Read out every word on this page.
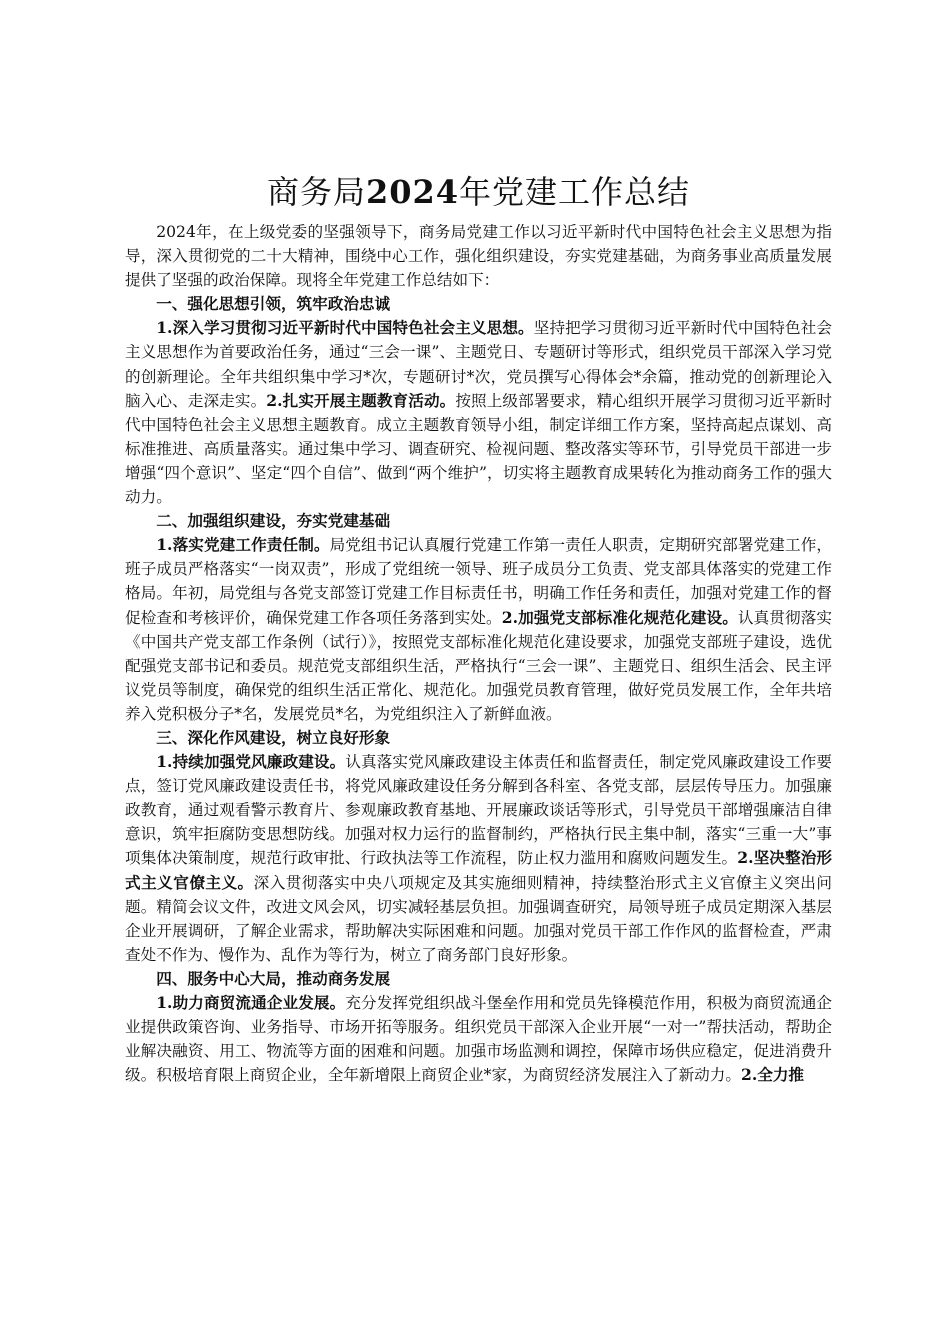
商务局2024年党建工作总结

2024年，在上级党委的坚强领导下，商务局党建工作以习近平新时代中国特色社会主义思想为指导，深入贯彻党的二十大精神，围绕中心工作，强化组织建设，夯实党建基础，为商务事业高质量发展提供了坚强的政治保障。现将全年党建工作总结如下：

一、强化思想引领，筑牢政治忠诚

1.深入学习贯彻习近平新时代中国特色社会主义思想。坚持把学习贯彻习近平新时代中国特色社会主义思想作为首要政治任务，通过“三会一课”、主题党日、专题研讨等形式，组织党员干部深入学习党的创新理论。全年共组织集中学习*次，专题研讨*次，党员撰写心得体会*余篇，推动党的创新理论入脑入心、走深走实。2.扎实开展主题教育活动。按照上级部署要求，精心组织开展学习贯彻习近平新时代中国特色社会主义思想主题教育。成立主题教育领导小组，制定详细工作方案，坚持高起点谋划、高标准推进、高质量落实。通过集中学习、调查研究、检视问题、整改落实等环节，引导党员干部进一步增强“四个意识”、坚定“四个自信”、做到“两个维护”，切实将主题教育成果转化为推动商务工作的强大动力。

二、加强组织建设，夯实党建基础

1.落实党建工作责任制。局党组书记认真履行党建工作第一责任人职责，定期研究部署党建工作，班子成员严格落实“一岗双责”，形成了党组统一领导、班子成员分工负责、党支部具体落实的党建工作格局。年初，局党组与各党支部签订党建工作目标责任书，明确工作任务和责任，加强对党建工作的督促检查和考核评价，确保党建工作各项任务落到实处。2.加强党支部标准化规范化建设。认真贯彻落实《中国共产党支部工作条例（试行）》，按照党支部标准化规范化建设要求，加强党支部班子建设，选优配强党支部书记和委员。规范党支部组织生活，严格执行“三会一课”、主题党日、组织生活会、民主评议党员等制度，确保党的组织生活正常化、规范化。加强党员教育管理，做好党员发展工作，全年共培养入党积极分子*名，发展党员*名，为党组织注入了新鲜血液。

三、深化作风建设，树立良好形象

1.持续加强党风廉政建设。认真落实党风廉政建设主体责任和监督责任，制定党风廉政建设工作要点，签订党风廉政建设责任书，将党风廉政建设任务分解到各科室、各党支部，层层传导压力。加强廉政教育，通过观看警示教育片、参观廉政教育基地、开展廉政谈话等形式，引导党员干部增强廉洁自律意识，筑牢拒腐防变思想防线。加强对权力运行的监督制约，严格执行民主集中制，落实“三重一大”事项集体决策制度，规范行政审批、行政执法等工作流程，防止权力滥用和腐败问题发生。2.坚决整治形式主义官僚主义。深入贯彻落实中央八项规定及其实施细则精神，持续整治形式主义官僚主义突出问题。精简会议文件，改进文风会风，切实减轻基层负担。加强调查研究，局领导班子成员定期深入基层企业开展调研，了解企业需求，帮助解决实际困难和问题。加强对党员干部工作作风的监督检查，严肃查处不作为、慢作为、乱作为等行为，树立了商务部门良好形象。

四、服务中心大局，推动商务发展

1.助力商贸流通企业发展。充分发挥党组织战斗堡垒作用和党员先锋模范作用，积极为商贸流通企业提供政策咨询、业务指导、市场开拓等服务。组织党员干部深入企业开展“一对一”帮扶活动，帮助企业解决融资、用工、物流等方面的困难和问题。加强市场监测和调控，保障市场供应稳定，促进消费升级。积极培育限上商贸企业，全年新增限上商贸企业*家，为商贸经济发展注入了新动力。2.全力推
